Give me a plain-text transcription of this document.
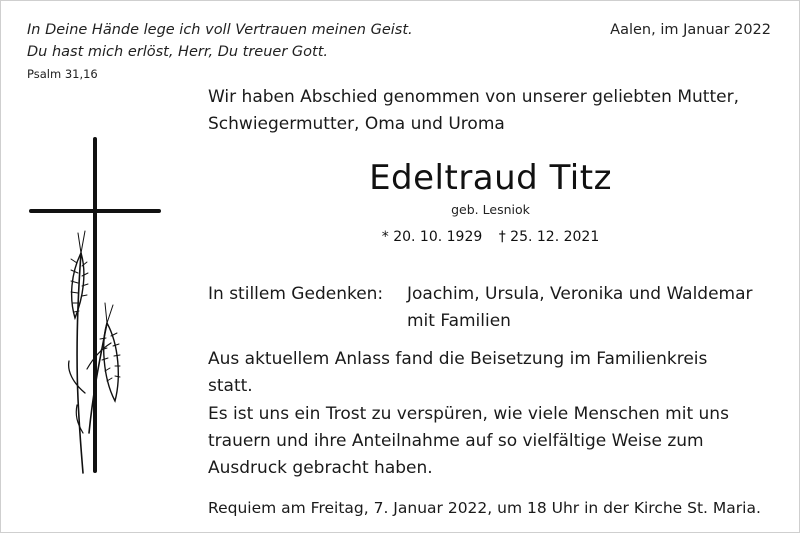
In Deine Hände lege ich voll Vertrauen meinen Geist.
Du hast mich erlöst, Herr, Du treuer Gott.
Psalm 31,16
Aalen, im Januar 2022
Wir haben Abschied genommen von unserer geliebten Mutter,
Schwiegermutter, Oma und Uroma
Edeltraud Titz
geb. Lesniok
* 20. 10. 1929 † 25. 12. 2021
In stillem Gedenken: Joachim, Ursula, Veronika und Waldemar
mit Familien
Aus aktuellem Anlass fand die Beisetzung im Familienkreis
statt.
Es ist uns ein Trost zu verspüren, wie viele Menschen mit uns
trauern und ihre Anteilnahme auf so vielfältige Weise zum
Ausdruck gebracht haben.
Requiem am Freitag, 7. Januar 2022, um 18 Uhr in der Kirche St. Maria.
